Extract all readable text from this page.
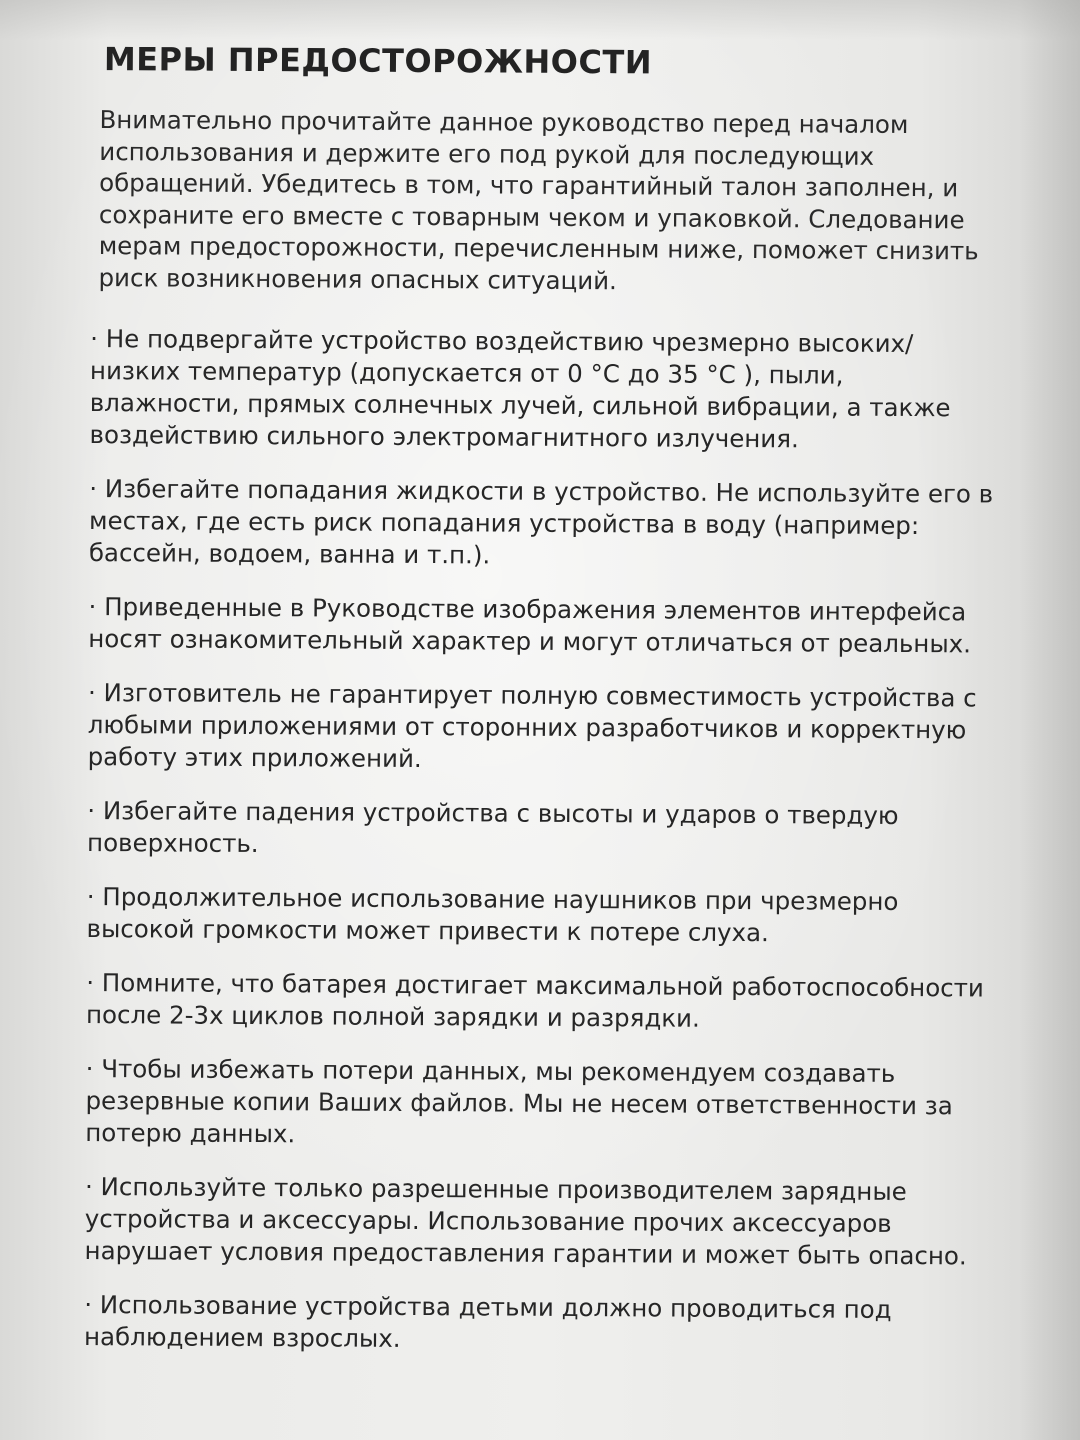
МЕРЫ ПРЕДОСТОРОЖНОСТИ

Внимательно прочитайте данное руководство перед началом использования и держите его под рукой для последующих обращений. Убедитесь в том, что гарантийный талон заполнен, и сохраните его вместе с товарным чеком и упаковкой. Следование мерам предосторожности, перечисленным ниже, поможет снизить риск возникновения опасных ситуаций.

· Не подвергайте устройство воздействию чрезмерно высоких/ низких температур (допускается от 0 °C до 35 °C ), пыли, влажности, прямых солнечных лучей, сильной вибрации, а также воздействию сильного электромагнитного излучения.
· Избегайте попадания жидкости в устройство. Не используйте его в местах, где есть риск попадания устройства в воду (например: бассейн, водоем, ванна и т.п.).
· Приведенные в Руководстве изображения элементов интерфейса носят ознакомительный характер и могут отличаться от реальных.
· Изготовитель не гарантирует полную совместимость устройства с любыми приложениями от сторонних разработчиков и корректную работу этих приложений.
· Избегайте падения устройства с высоты и ударов о твердую поверхность.
· Продолжительное использование наушников при чрезмерно высокой громкости может привести к потере слуха.
· Помните, что батарея достигает максимальной работоспособности после 2-3х циклов полной зарядки и разрядки.
· Чтобы избежать потери данных, мы рекомендуем создавать резервные копии Ваших файлов. Мы не несем ответственности за потерю данных.
· Используйте только разрешенные производителем зарядные устройства и аксессуары. Использование прочих аксессуаров нарушает условия предоставления гарантии и может быть опасно.
· Использование устройства детьми должно проводиться под наблюдением взрослых.
